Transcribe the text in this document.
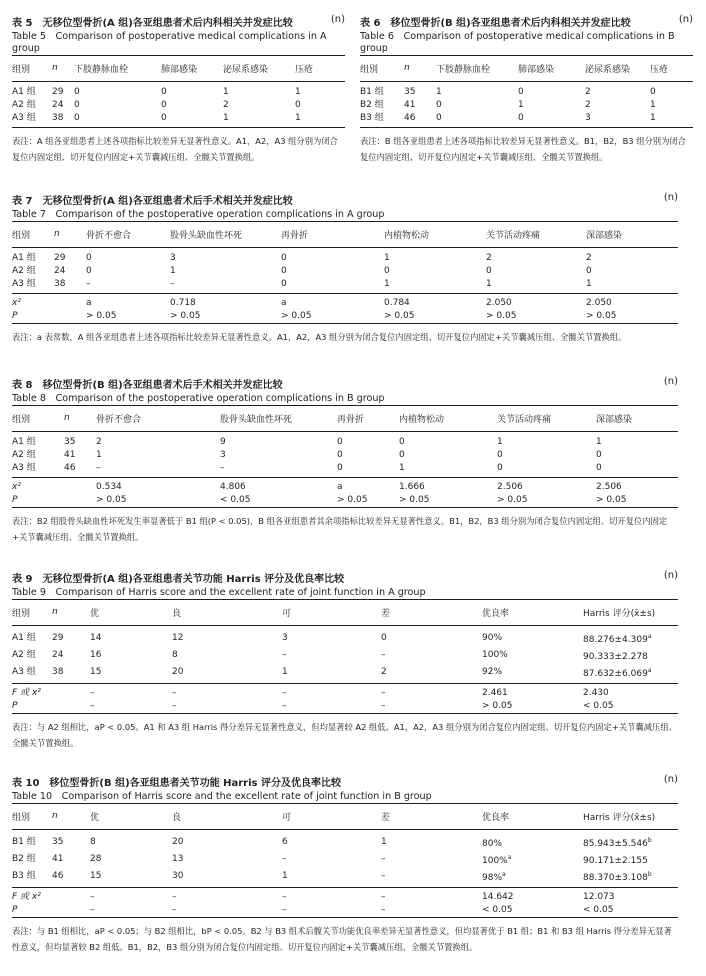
表 5　无移位型骨折(A 组)各亚组患者术后内科相关并发症比较	(n)
Table 5　Comparison of postoperative medical complications in A group
组别	n	下肢静脉血栓	肺部感染	泌尿系感染	压疮
A1 组	29	0	0	1	1
A2 组	24	0	0	2	0
A3 组	38	0	0	1	1
表注：A 组各亚组患者上述各项指标比较差异无显著性意义。A1，A2，A3 组分别为闭合复位内固定组、切开复位内固定+关节囊减压组、全髋关节置换组。
表 6　移位型骨折(B 组)各亚组患者术后内科相关并发症比较	(n)
Table 6　Comparison of postoperative medical complications in B group
组别	n	下肢静脉血栓	肺部感染	泌尿系感染	压疮
B1 组	35	1	0	2	0
B2 组	41	0	1	2	1
B3 组	46	0	0	3	1
表注：B 组各亚组患者上述各项指标比较差异无显著性意义。B1，B2，B3 组分别为闭合复位内固定组、切开复位内固定+关节囊减压组、全髋关节置换组。
表 7　无移位型骨折(A 组)各亚组患者术后手术相关并发症比较	(n)
Table 7　Comparison of the postoperative operation complications in A group
组别	n	骨折不愈合	股骨头缺血性坏死	再骨折	内植物松动	关节活动疼痛	深部感染
A1 组	29	0	3	0	1	2	2
A2 组	24	0	1	0	0	0	0
A3 组	38	–	–	0	1	1	1
x²		a	0.718	a	0.784	2.050	2.050
P		> 0.05	> 0.05	> 0.05	> 0.05	> 0.05	> 0.05
表注：a 表常数，A 组各亚组患者上述各项指标比较差异无显著性意义。A1，A2，A3 组分别为闭合复位内固定组、切开复位内固定+关节囊减压组、全髋关节置换组。
表 8　移位型骨折(B 组)各亚组患者术后手术相关并发症比较	(n)
Table 8　Comparison of the postoperative operation complications in B group
组别	n	骨折不愈合	股骨头缺血性坏死	再骨折	内植物松动	关节活动疼痛	深部感染
A1 组	35	2	9	0	0	1	1
A2 组	41	1	3	0	0	0	0
A3 组	46	–	–	0	1	0	0
x²		0.534	4.806	a	1.666	2.506	2.506
P		> 0.05	< 0.05	> 0.05	> 0.05	> 0.05	> 0.05
表注：B2 组股骨头缺血性坏死发生率显著低于 B1 组(P < 0.05)，B 组各亚组患者其余项指标比较差异无显著性意义。B1，B2，B3 组分别为闭合复位内固定组、切开复位内固定+关节囊减压组、全髋关节置换组。
表 9　无移位型骨折(A 组)各亚组患者关节功能 Harris 评分及优良率比较	(n)
Table 9　Comparison of Harris score and the excellent rate of joint function in A group
组别	n	优	良	可	差	优良率	Harris 评分(x̄±s)
A1 组	29	14	12	3	0	90%	88.276±4.309$^a$
A2 组	24	16	8	–	–	100%	90.333±2.278
A3 组	38	15	20	1	2	92%	87.632±6.069$^a$
F 或 x²		–	–	–	–	2.461	2.430
P		–	–	–	–	> 0.05	< 0.05
表注：与 A2 组相比，aP < 0.05。A1 和 A3 组 Harris 得分差异无显著性意义，但均显著较 A2 组低。A1，A2，A3 组分别为闭合复位内固定组、切开复位内固定+关节囊减压组、全髋关节置换组。
表 10　移位型骨折(B 组)各亚组患者关节功能 Harris 评分及优良率比较	(n)
Table 10　Comparison of Harris score and the excellent rate of joint function in B group
组别	n	优	良	可	差	优良率	Harris 评分(x̄±s)
B1 组	35	8	20	6	1	80%	85.943±5.546$^b$
B2 组	41	28	13	–	–	100%$^a$	90.171±2.155
B3 组	46	15	30	1	–	98%$^a$	88.370±3.108$^b$
F 或 x²		–	–	–	–	14.642	12.073
P		–	–	–	–	< 0.05	< 0.05
表注：与 B1 组相比，aP < 0.05；与 B2 组相比，bP < 0.05。B2 与 B3 组术后髋关节功能优良率差异无显著性意义，但均显著优于 B1 组；B1 和 B3 组 Harris 得分差异无显著性意义，但均显著较 B2 组低。B1，B2，B3 组分别为闭合复位内固定组、切开复位内固定+关节囊减压组、全髋关节置换组。
